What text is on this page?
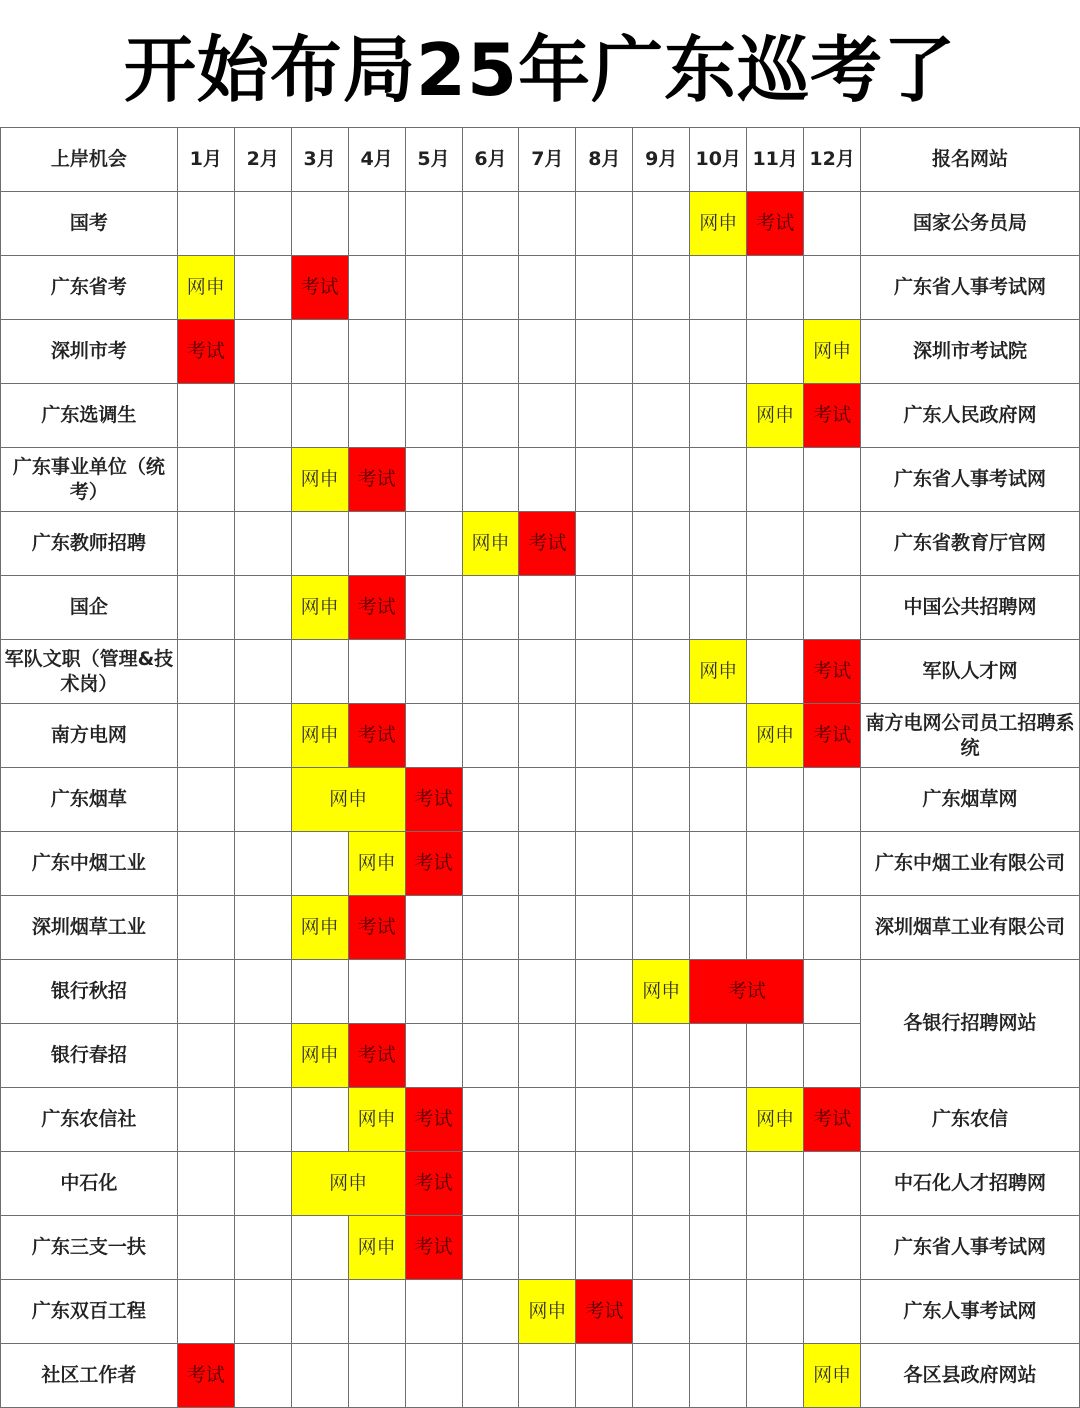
开始布局25年广东巡考了
上岸机会	1月	2月	3月	4月	5月	6月	7月	8月	9月	10月	11月	12月	报名网站
国考										网申	考试		国家公务员局
广东省考	网申		考试										广东省人事考试网
深圳市考	考试											网申	深圳市考试院
广东选调生											网申	考试	广东人民政府网
广东事业单位（统考）			网申	考试									广东省人事考试网
广东教师招聘						网申	考试						广东省教育厅官网
国企			网申	考试									中国公共招聘网
军队文职（管理&技术岗）										网申		考试	军队人才网
南方电网			网申	考试							网申	考试	南方电网公司员工招聘系统
广东烟草			网申		考试								广东烟草网
广东中烟工业				网申	考试								广东中烟工业有限公司
深圳烟草工业			网申	考试									深圳烟草工业有限公司
银行秋招									网申	考试			各银行招聘网站
银行春招			网申	考试									
广东农信社				网申	考试						网申	考试	广东农信
中石化			网申		考试								中石化人才招聘网
广东三支一扶				网申	考试								广东省人事考试网
广东双百工程							网申	考试					广东人事考试网
社区工作者	考试											网申	各区县政府网站
